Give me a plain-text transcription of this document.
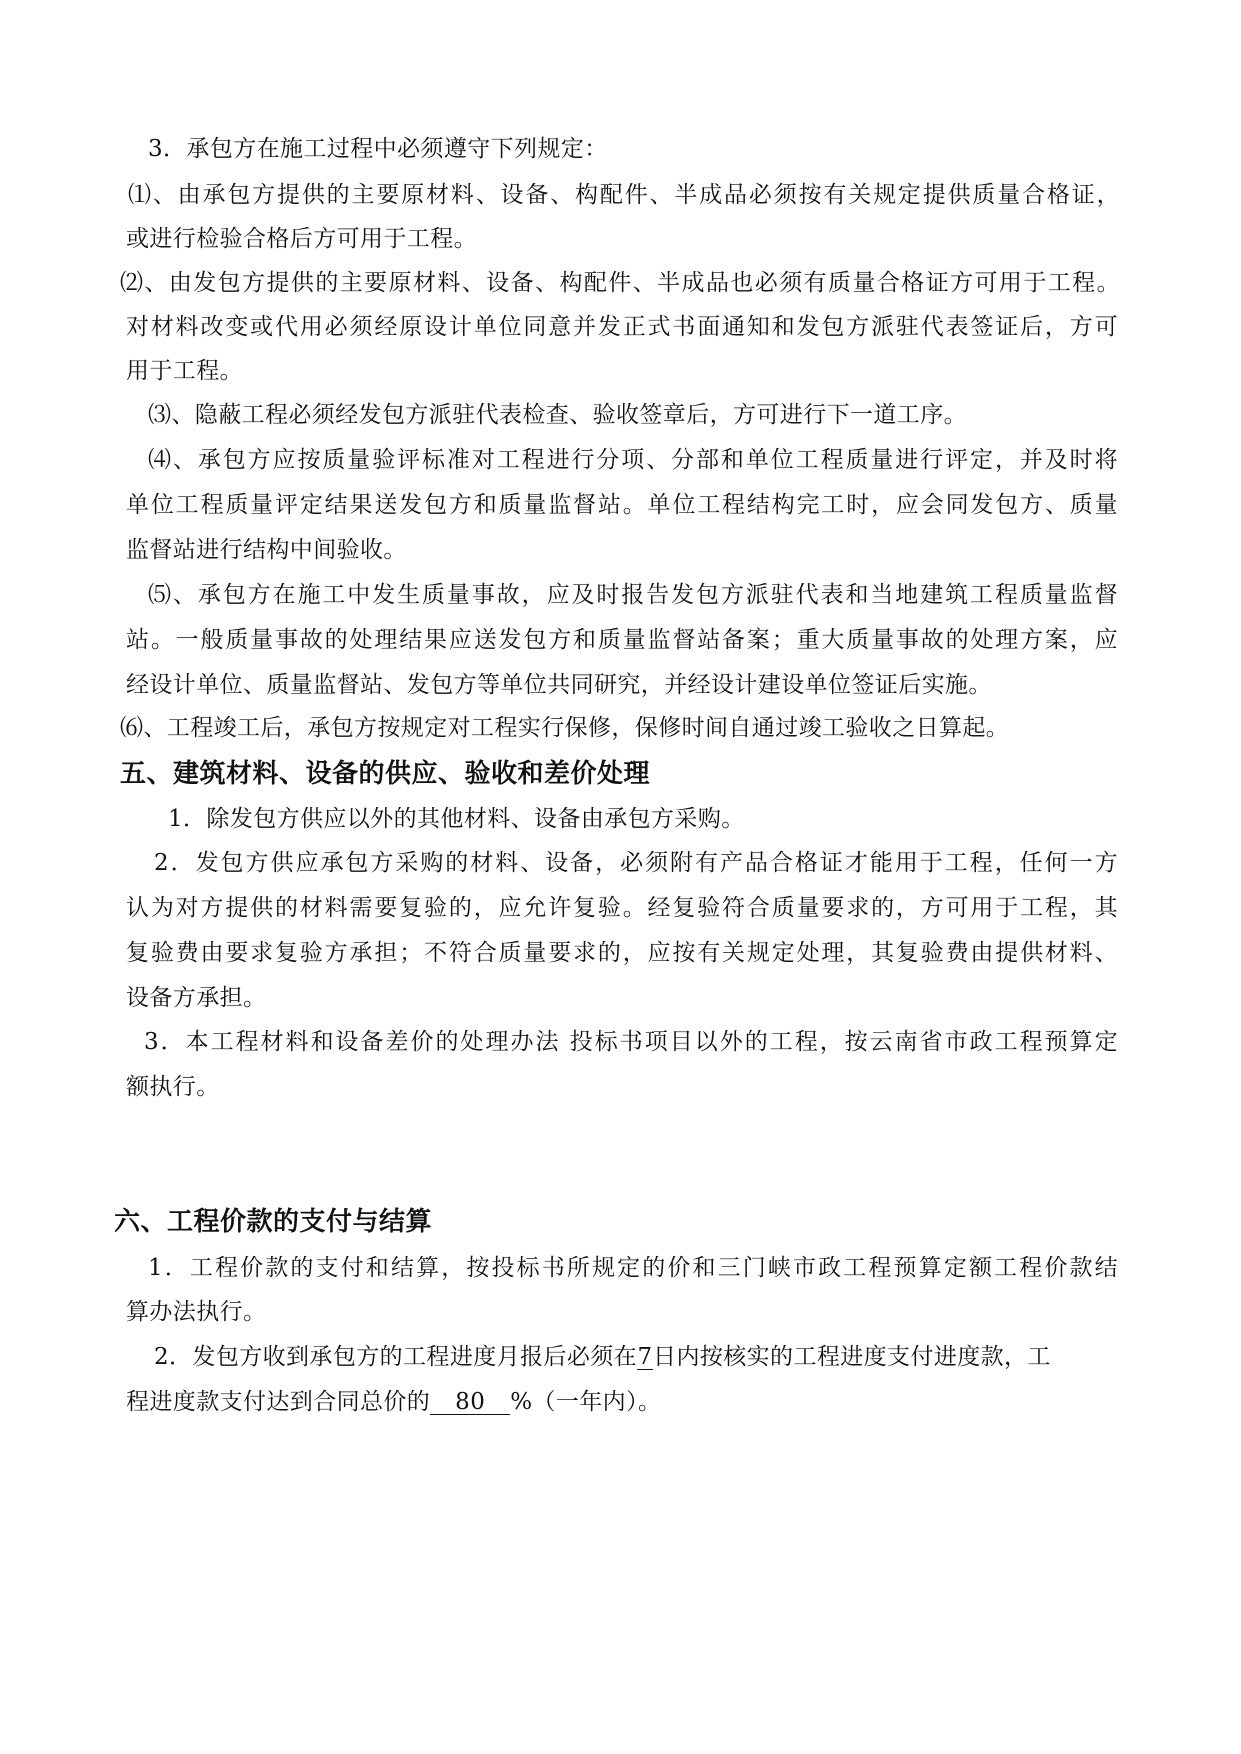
3．承包方在施工过程中必须遵守下列规定：
⑴、由承包方提供的主要原材料、设备、构配件、半成品必须按有关规定提供质量合格证，
或进行检验合格后方可用于工程。
⑵、由发包方提供的主要原材料、设备、构配件、半成品也必须有质量合格证方可用于工程。
对材料改变或代用必须经原设计单位同意并发正式书面通知和发包方派驻代表签证后，方可
用于工程。
⑶、隐蔽工程必须经发包方派驻代表检查、验收签章后，方可进行下一道工序。
⑷、承包方应按质量验评标准对工程进行分项、分部和单位工程质量进行评定，并及时将
单位工程质量评定结果送发包方和质量监督站。单位工程结构完工时，应会同发包方、质量
监督站进行结构中间验收。
⑸、承包方在施工中发生质量事故，应及时报告发包方派驻代表和当地建筑工程质量监督
站。一般质量事故的处理结果应送发包方和质量监督站备案；重大质量事故的处理方案，应
经设计单位、质量监督站、发包方等单位共同研究，并经设计建设单位签证后实施。
⑹、工程竣工后，承包方按规定对工程实行保修，保修时间自通过竣工验收之日算起。
五、建筑材料、设备的供应、验收和差价处理
1．除发包方供应以外的其他材料、设备由承包方采购。
2．发包方供应承包方采购的材料、设备，必须附有产品合格证才能用于工程，任何一方
认为对方提供的材料需要复验的，应允许复验。经复验符合质量要求的，方可用于工程，其
复验费由要求复验方承担；不符合质量要求的，应按有关规定处理，其复验费由提供材料、
设备方承担。
3．本工程材料和设备差价的处理办法 投标书项目以外的工程，按云南省市政工程预算定
额执行。
六、工程价款的支付与结算
1．工程价款的支付和结算，按投标书所规定的价和三门峡市政工程预算定额工程价款结
算办法执行。
2．发包方收到承包方的工程进度月报后必须在7日内按核实的工程进度支付进度款，工
程进度款支付达到合同总价的 80 %（一年内）。
